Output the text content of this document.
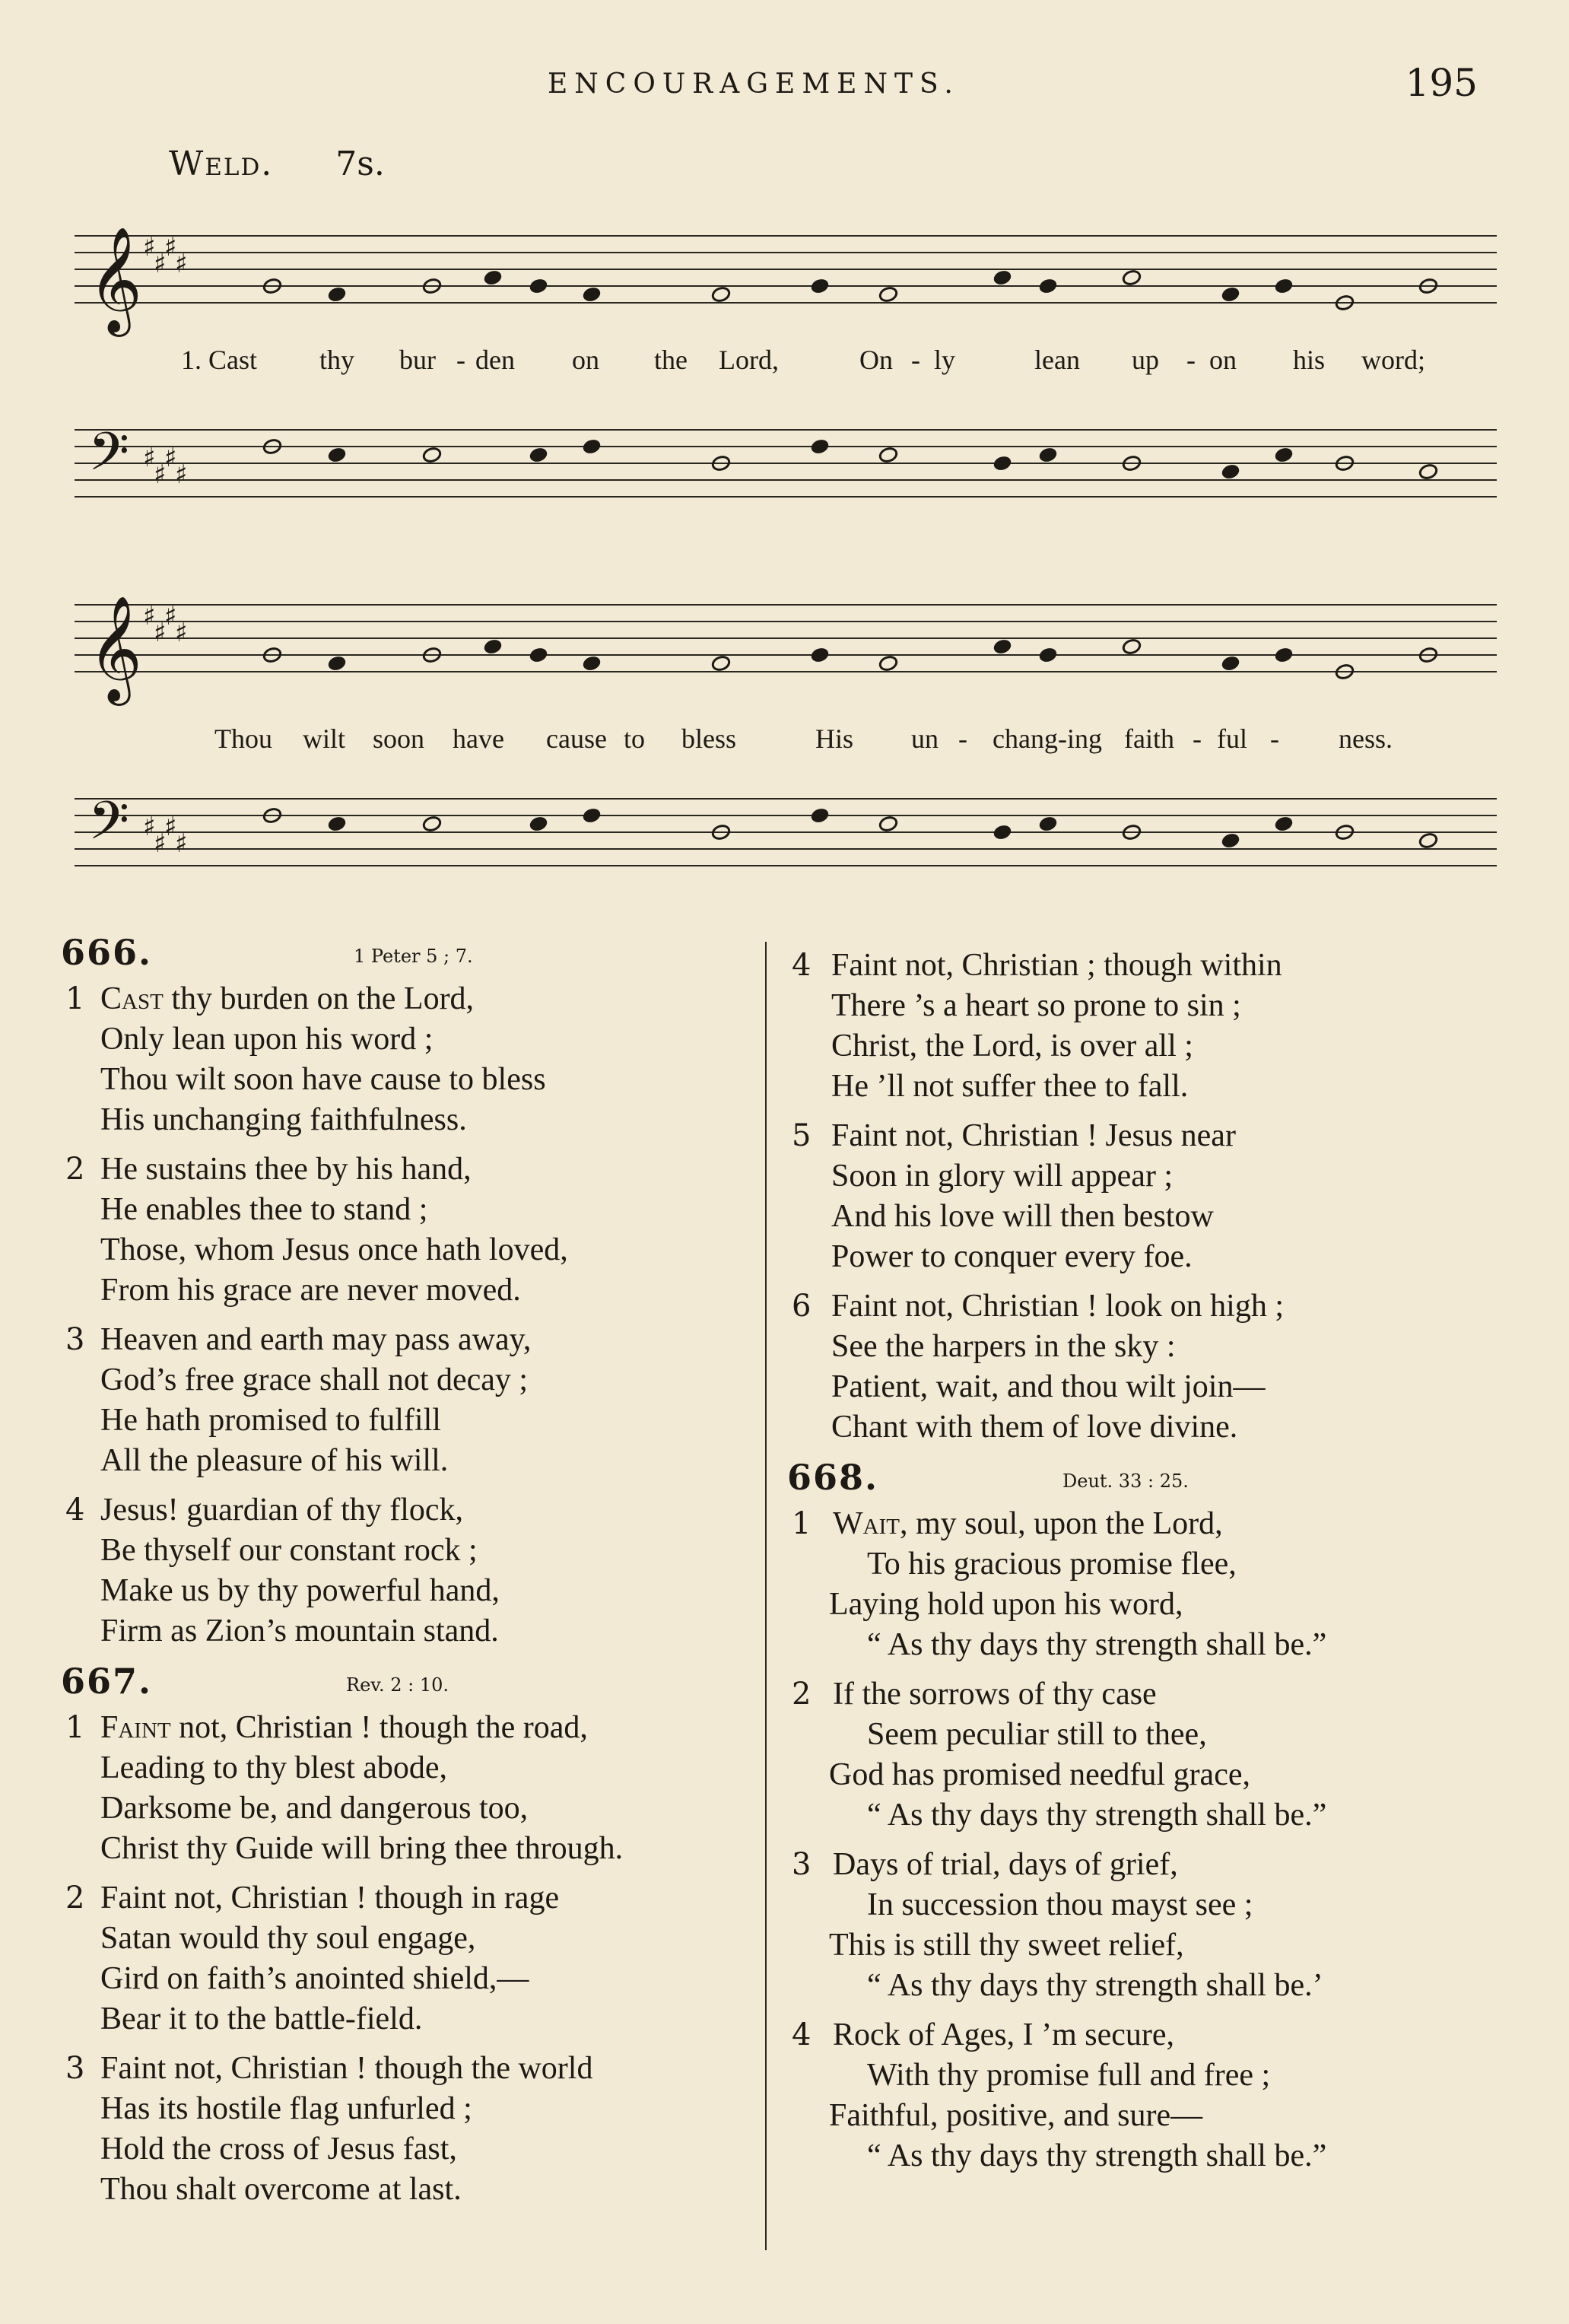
ENCOURAGEMENTS.	195
Weld. 7s.
𝄞
𝄢
♯
♯
♯
♯
♯
♯
♯
♯
𝄞
𝄢
♯
♯
♯
♯
♯
♯
♯
♯
1. Cast thy bur - den on the Lord,	On - ly	lean up - on his word;
Thou wilt soon have cause to bless	His un - chang-ing faith - ful - ness.
666.	1 Peter 5 ; 7.
1 Cast thy burden on the Lord,
Only lean upon his word ;
Thou wilt soon have cause to bless
His unchanging faithfulness.
2 He sustains thee by his hand,
He enables thee to stand ;
Those, whom Jesus once hath loved,
From his grace are never moved.
3 Heaven and earth may pass away,
God’s free grace shall not decay ;
He hath promised to fulfill
All the pleasure of his will.
4 Jesus! guardian of thy flock,
Be thyself our constant rock ;
Make us by thy powerful hand,
Firm as Zion’s mountain stand.
667.	Rev. 2 : 10.
1 Faint not, Christian ! though the road,
Leading to thy blest abode,
Darksome be, and dangerous too,
Christ thy Guide will bring thee through.
2 Faint not, Christian ! though in rage
Satan would thy soul engage,
Gird on faith’s anointed shield,—
Bear it to the battle-field.
3 Faint not, Christian ! though the world
Has its hostile flag unfurled ;
Hold the cross of Jesus fast,
Thou shalt overcome at last.
4 Faint not, Christian ; though within
There ’s a heart so prone to sin ;
Christ, the Lord, is over all ;
He ’ll not suffer thee to fall.
5 Faint not, Christian ! Jesus near
Soon in glory will appear ;
And his love will then bestow
Power to conquer every foe.
6 Faint not, Christian ! look on high ;
See the harpers in the sky :
Patient, wait, and thou wilt join—
Chant with them of love divine.
668.	Deut. 33 : 25.
1 Wait, my soul, upon the Lord,
To his gracious promise flee,
Laying hold upon his word,
“ As thy days thy strength shall be.”
2 If the sorrows of thy case
Seem peculiar still to thee,
God has promised needful grace,
“ As thy days thy strength shall be.”
3 Days of trial, days of grief,
In succession thou mayst see ;
This is still thy sweet relief,
“ As thy days thy strength shall be.’
4 Rock of Ages, I ’m secure,
With thy promise full and free ;
Faithful, positive, and sure—
“ As thy days thy strength shall be.”
